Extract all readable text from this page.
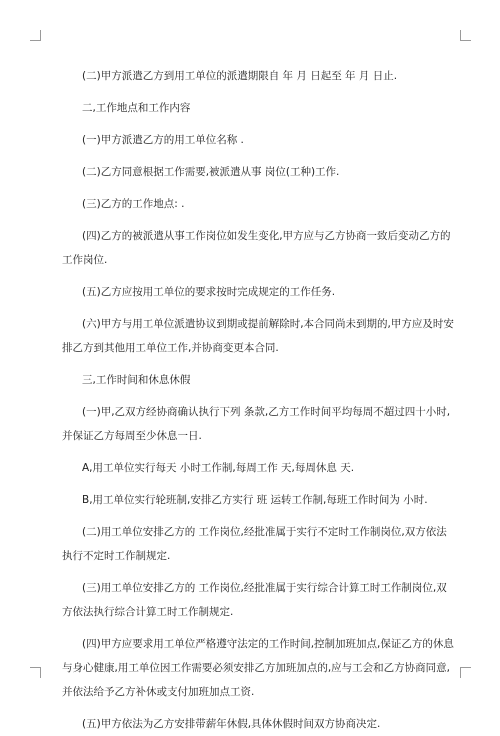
(二)甲方派遣乙方到用工单位的派遣期限自 年 月 日起至 年 月 日止.
二,工作地点和工作内容
(一)甲方派遣乙方的用工单位名称 .
(二)乙方同意根据工作需要,被派遣从事 岗位(工种)工作.
(三)乙方的工作地点: .
(四)乙方的被派遣从事工作岗位如发生变化,甲方应与乙方协商一致后变动乙方的
工作岗位.
(五)乙方应按用工单位的要求按时完成规定的工作任务.
(六)甲方与用工单位派遣协议到期或提前解除时,本合同尚未到期的,甲方应及时安
排乙方到其他用工单位工作,并协商变更本合同.
三,工作时间和休息休假
(一)甲,乙双方经协商确认执行下列 条款,乙方工作时间平均每周不超过四十小时,
并保证乙方每周至少休息一日.
A,用工单位实行每天 小时工作制,每周工作 天,每周休息 天.
B,用工单位实行轮班制,安排乙方实行 班 运转工作制,每班工作时间为 小时.
(二)用工单位安排乙方的 工作岗位,经批准属于实行不定时工作制岗位,双方依法
执行不定时工作制规定.
(三)用工单位安排乙方的 工作岗位,经批准属于实行综合计算工时工作制岗位,双
方依法执行综合计算工时工作制规定.
(四)甲方应要求用工单位严格遵守法定的工作时间,控制加班加点,保证乙方的休息
与身心健康,用工单位因工作需要必须安排乙方加班加点的,应与工会和乙方协商同意,
并依法给予乙方补休或支付加班加点工资.
(五)甲方依法为乙方安排带薪年休假,具体休假时间双方协商决定.
